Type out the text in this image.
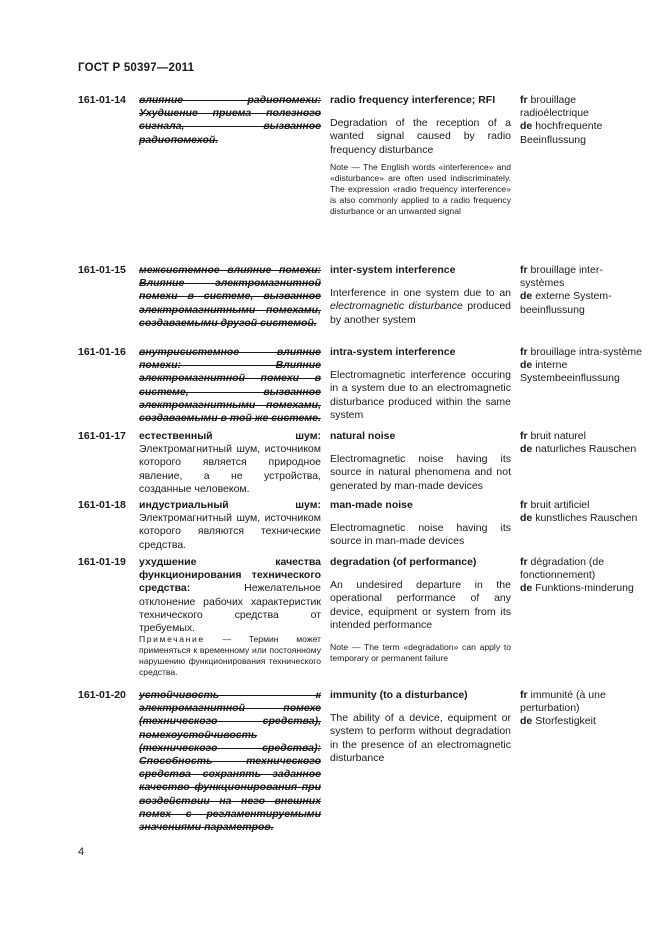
ГОСТ Р 50397—2011
161-01-14 влияние радиопомехи: Ухудшение приема полезного сигнала, вызванное радиопомехой.
radio frequency interference; RFI
Degradation of the reception of a wanted signal caused by radio frequency disturbance
Note — The English words «interference» and «disturbance» are often used indiscriminately. The expression «radio frequency interference» is also commonly applied to a radio frequency disturbance or an unwanted signal
fr brouillage radioélectrique
de hochfrequente Beeinflussung
161-01-15 межсистемное влияние помехи: Влияние электромагнитной помехи в системе, вызванное электромагнитными помехами, создаваемыми другой системой.
inter-system interference
Interference in one system due to an electromagnetic disturbance produced by another system
fr brouillage inter-systèmes
de externe System-beeinflussung
161-01-16 внутрисистемное влияние помехи: Влияние электромагнитной помехи в системе, вызванное электромагнитными помехами, создаваемыми в той же системе.
intra-system interference
Electromagnetic interference occuring in a system due to an electromagnetic disturbance produced within the same system
fr brouillage intra-système
de interne Systembeeinflussung
161-01-17 естественный шум: Электромагнитный шум, источником которого является природное явление, а не устройства, созданные человеком.
natural noise
Electromagnetic noise having its source in natural phenomena and not generated by man-made devices
fr bruit naturel
de naturliches Rauschen
161-01-18 индустриальный шум: Электромагнитный шум, источником которого являются технические средства.
man-made noise
Electromagnetic noise having its source in man-made devices
fr bruit artificiel
de kunstliches Rauschen
161-01-19 ухудшение качества функционирования технического средства: Нежелательное отклонение рабочих характеристик технического средства от требуемых.
Примечание — Термин может применяться к временному или постоянному нарушению функционирования технического средства.
degradation (of performance)
An undesired departure in the operational performance of any device, equipment or system from its intended performance
Note — The term «degradation» can apply to temporary or permanent failure
fr dégradation (de fonctionnement)
de Funktions-minderung
161-01-20 устойчивость к электромагнитной помехе (технического средства), помехоустойчивость (технического средства): Способность технического средства сохранять заданное качество функционирования при воздействии на него внешних помех с регламентируемыми значениями параметров.
immunity (to a disturbance)
The ability of a device, equipment or system to perform without degradation in the presence of an electromagnetic disturbance
fr immunité (à une perturbation)
de Storfestigkeit
4
